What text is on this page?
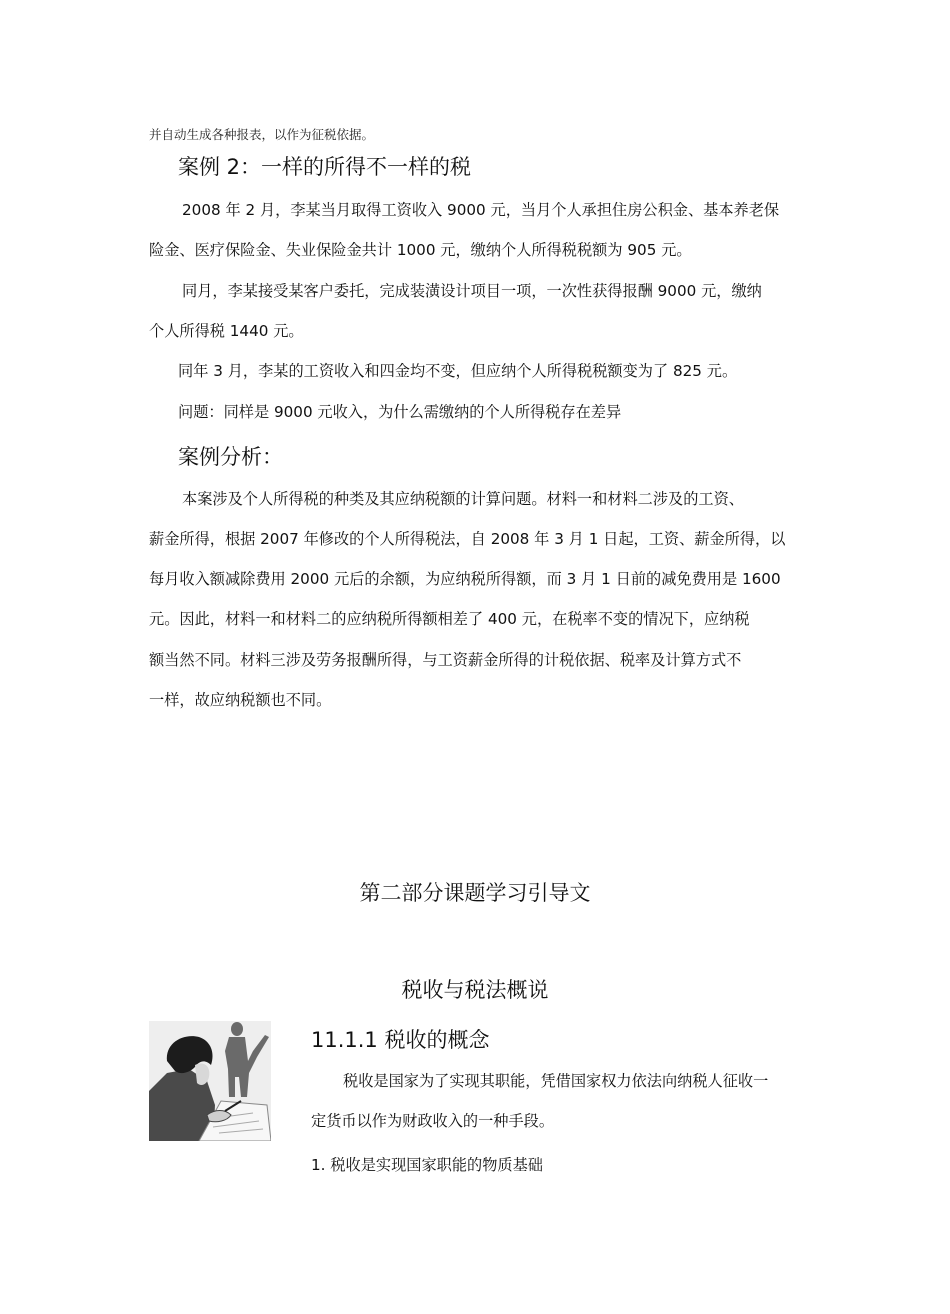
并自动生成各种报表，以作为征税依据。
案例 2：一样的所得不一样的税
2008 年 2 月，李某当月取得工资收入 9000 元，当月个人承担住房公积金、基本养老保
险金、医疗保险金、失业保险金共计 1000 元，缴纳个人所得税税额为 905 元。
同月，李某接受某客户委托，完成装潢设计项目一项，一次性获得报酬 9000 元，缴纳
个人所得税 1440 元。
同年 3 月，李某的工资收入和四金均不变，但应纳个人所得税税额变为了 825 元。
问题：同样是 9000 元收入，为什么需缴纳的个人所得税存在差异
案例分析：
本案涉及个人所得税的种类及其应纳税额的计算问题。材料一和材料二涉及的工资、
薪金所得，根据 2007 年修改的个人所得税法，自 2008 年 3 月 1 日起，工资、薪金所得，以
每月收入额减除费用 2000 元后的余额，为应纳税所得额，而 3 月 1 日前的减免费用是 1600
元。因此，材料一和材料二的应纳税所得额相差了 400 元，在税率不变的情况下，应纳税
额当然不同。材料三涉及劳务报酬所得，与工资薪金所得的计税依据、税率及计算方式不
一样，故应纳税额也不同。
第二部分课题学习引导文
税收与税法概说
11.1.1 税收的概念
税收是国家为了实现其职能，凭借国家权力依法向纳税人征收一
定货币以作为财政收入的一种手段。
1. 税收是实现国家职能的物质基础
